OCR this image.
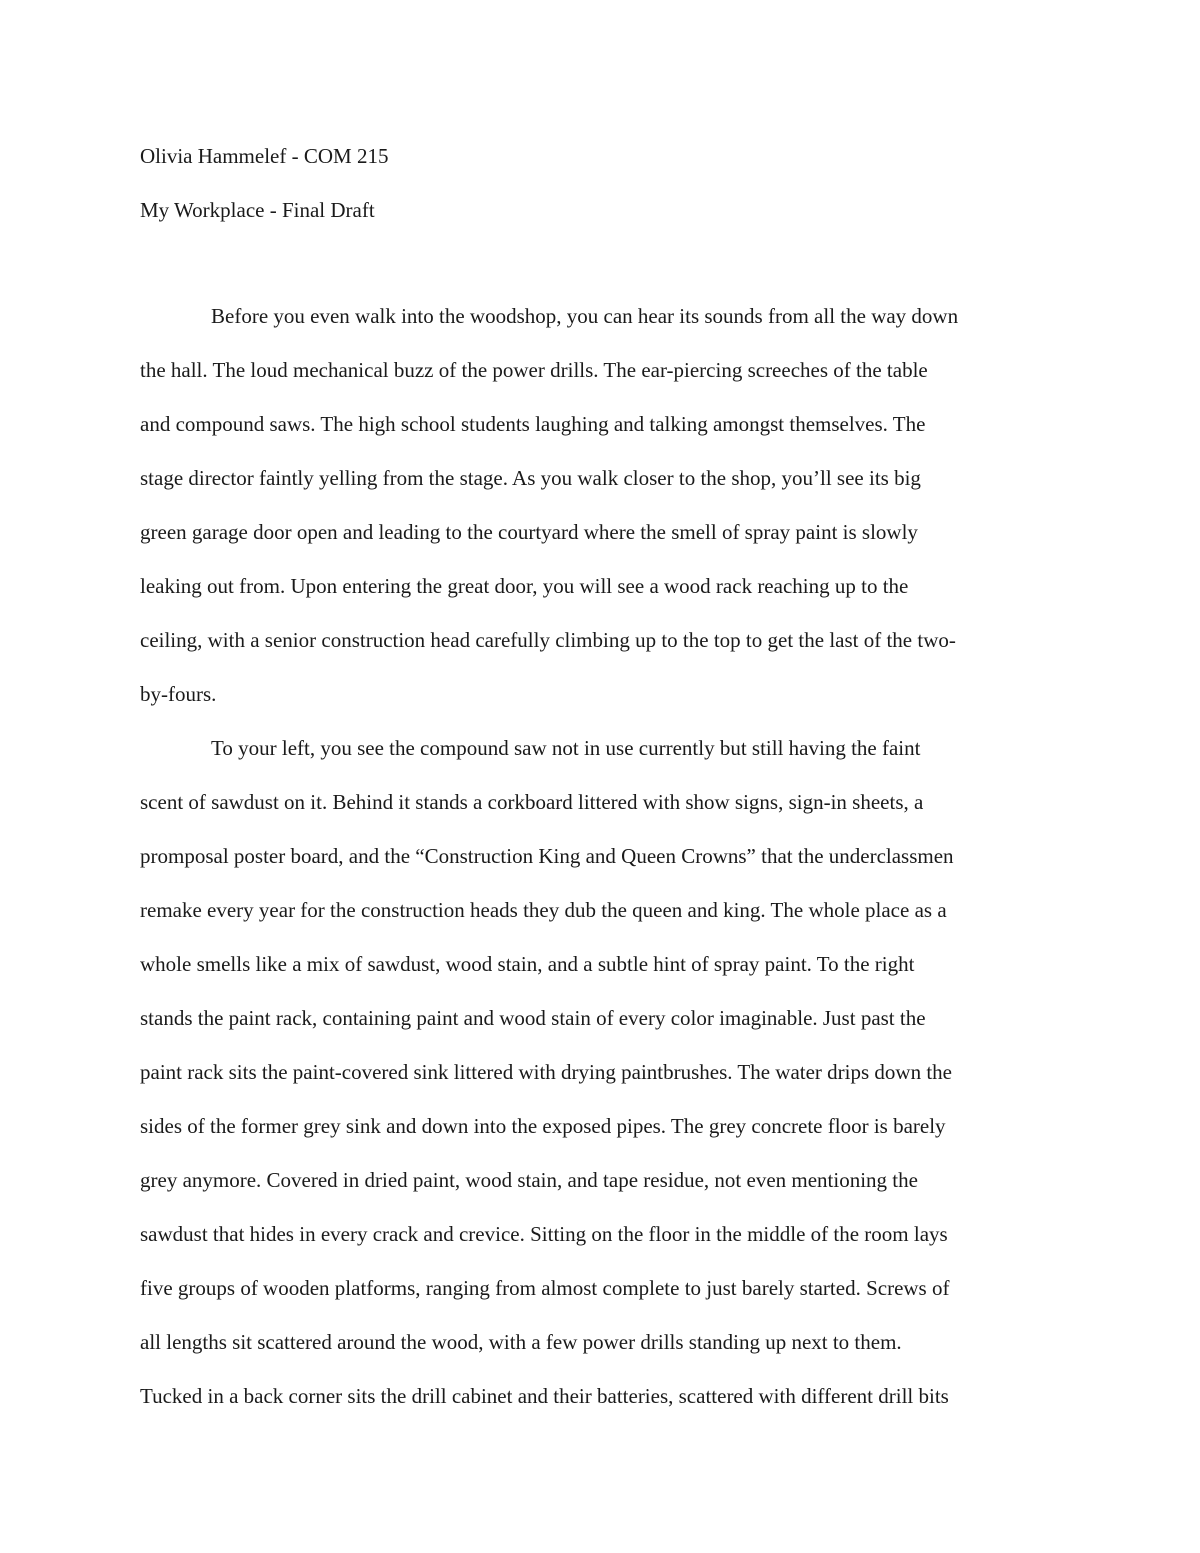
Olivia Hammelef - COM 215

My Workplace - Final Draft

Before you even walk into the woodshop, you can hear its sounds from all the way down

the hall. The loud mechanical buzz of the power drills. The ear-piercing screeches of the table

and compound saws. The high school students laughing and talking amongst themselves. The

stage director faintly yelling from the stage. As you walk closer to the shop, you’ll see its big

green garage door open and leading to the courtyard where the smell of spray paint is slowly

leaking out from. Upon entering the great door, you will see a wood rack reaching up to the

ceiling, with a senior construction head carefully climbing up to the top to get the last of the two-

by-fours.

To your left, you see the compound saw not in use currently but still having the faint

scent of sawdust on it. Behind it stands a corkboard littered with show signs, sign-in sheets, a

promposal poster board, and the “Construction King and Queen Crowns” that the underclassmen

remake every year for the construction heads they dub the queen and king. The whole place as a

whole smells like a mix of sawdust, wood stain, and a subtle hint of spray paint. To the right

stands the paint rack, containing paint and wood stain of every color imaginable. Just past the

paint rack sits the paint-covered sink littered with drying paintbrushes. The water drips down the

sides of the former grey sink and down into the exposed pipes. The grey concrete floor is barely

grey anymore. Covered in dried paint, wood stain, and tape residue, not even mentioning the

sawdust that hides in every crack and crevice. Sitting on the floor in the middle of the room lays

five groups of wooden platforms, ranging from almost complete to just barely started. Screws of

all lengths sit scattered around the wood, with a few power drills standing up next to them.

Tucked in a back corner sits the drill cabinet and their batteries, scattered with different drill bits
